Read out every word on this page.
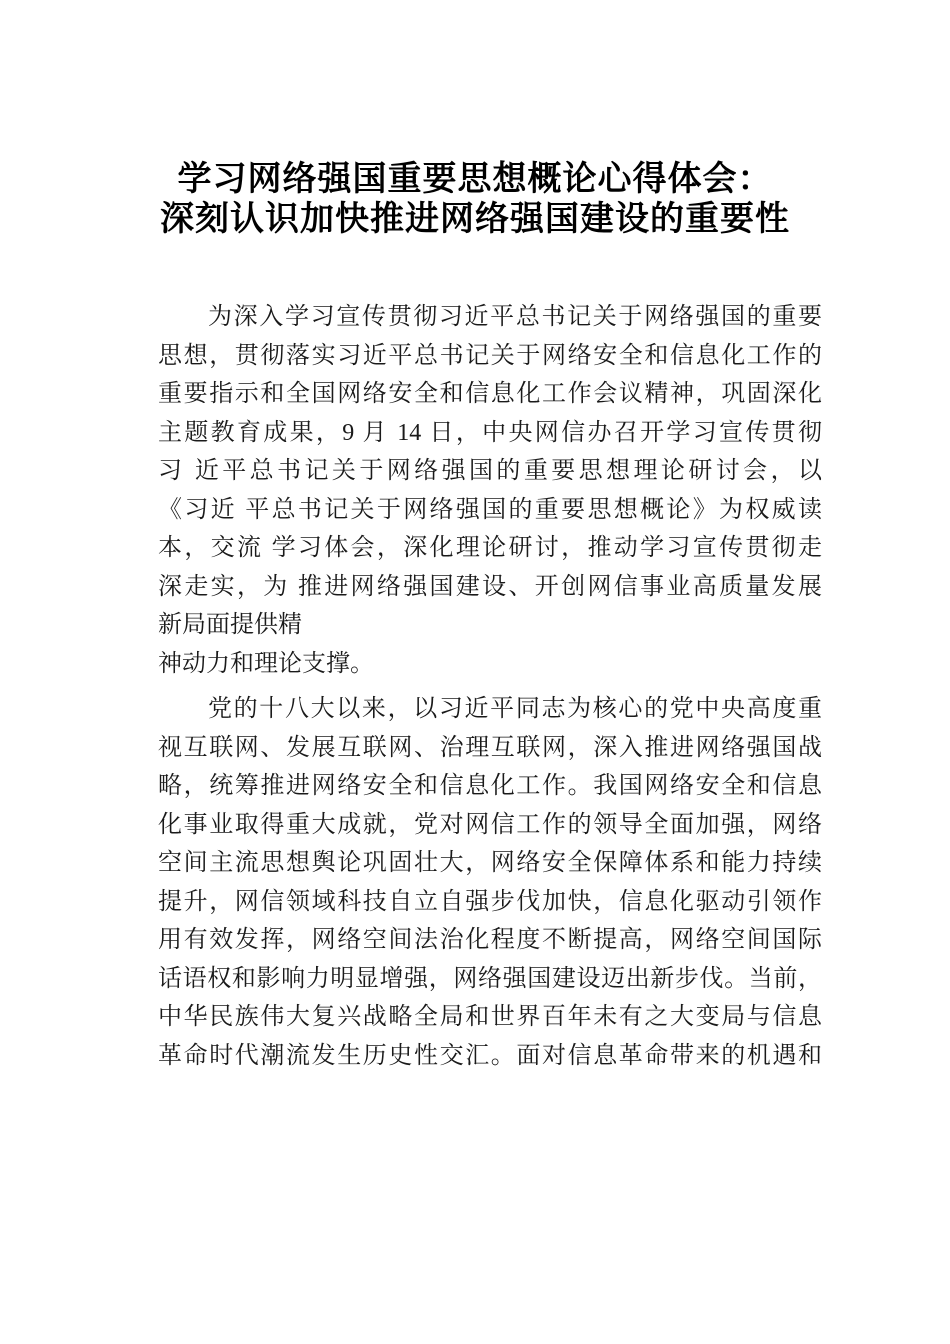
学习网络强国重要思想概论心得体会：
深刻认识加快推进网络强国建设的重要性
为深入学习宣传贯彻习近平总书记关于网络强国的重要
思想，贯彻落实习近平总书记关于网络安全和信息化工作的
重要指示和全国网络安全和信息化工作会议精神，巩固深化
主题教育成果，9 月 14 日，中央网信办召开学习宣传贯彻
习 近平总书记关于网络强国的重要思想理论研讨会，以
《习近 平总书记关于网络强国的重要思想概论》为权威读
本，交流 学习体会，深化理论研讨，推动学习宣传贯彻走
深走实，为 推进网络强国建设、开创网信事业高质量发展
新局面提供精
神动力和理论支撑。
党的十八大以来，以习近平同志为核心的党中央高度重
视互联网、发展互联网、治理互联网，深入推进网络强国战
略，统筹推进网络安全和信息化工作。我国网络安全和信息
化事业取得重大成就，党对网信工作的领导全面加强，网络
空间主流思想舆论巩固壮大，网络安全保障体系和能力持续
提升，网信领域科技自立自强步伐加快，信息化驱动引领作
用有效发挥，网络空间法治化程度不断提高，网络空间国际
话语权和影响力明显增强，网络强国建设迈出新步伐。当前，
中华民族伟大复兴战略全局和世界百年未有之大变局与信息
革命时代潮流发生历史性交汇。面对信息革命带来的机遇和
